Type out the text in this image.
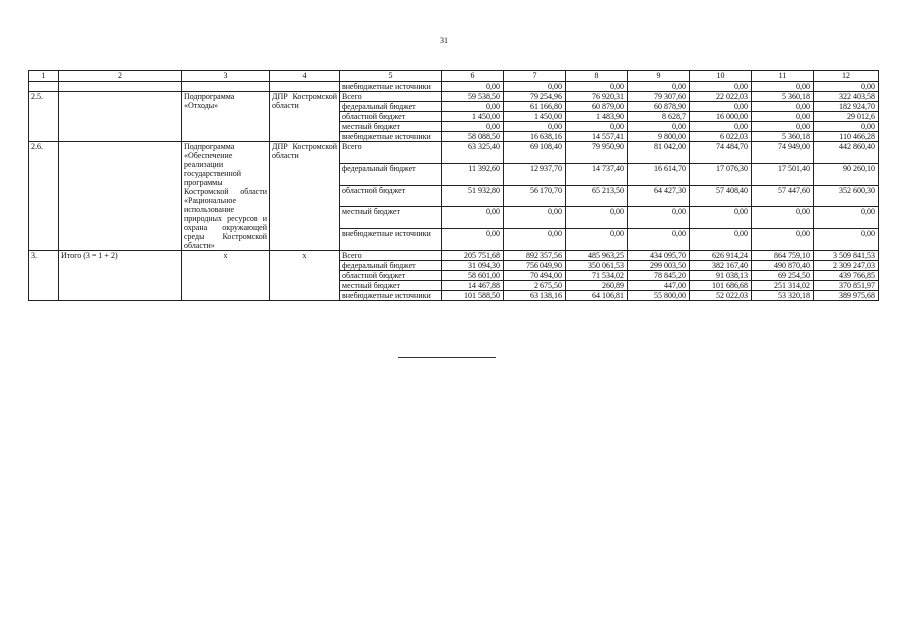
31
1	2	3	4	5	6	7	8	9	10	11	12
				внебюджетные источники	0,00	0,00	0,00	0,00	0,00	0,00	0,00
2.5.		Подпрограмма «Отходы»	ДПР Костромской области	Всего	59 538,50	79 254,96	76 920,31	79 307,60	22 022,03	5 360,18	322 403,58
				федеральный бюджет	0,00	61 166,80	60 879,00	60 878,90	0,00	0,00	182 924,70
				областной бюджет	1 450,00	1 450,00	1 483,90	8 628,7	16 000,00	0,00	29 012,6
				местный бюджет	0,00	0,00	0,00	0,00	0,00	0,00	0,00
				внебюджетные источники	58 088,50	16 638,16	14 557,41	9 800,00	6 022,03	5 360,18	110 466,28
2.6.		Подпрограмма «Обеспечение реализации государственной программы Костромской области «Рациональное использование природных ресурсов и охрана окружающей среды Костромской области»	ДПР Костромской области	Всего	63 325,40	69 108,40	79 950,90	81 042,00	74 484,70	74 949,00	442 860,40
				федеральный бюджет	11 392,60	12 937,70	14 737,40	16 614,70	17 076,30	17 501,40	90 260,10
				областной бюджет	51 932,80	56 170,70	65 213,50	64 427,30	57 408,40	57 447,60	352 600,30
				местный бюджет	0,00	0,00	0,00	0,00	0,00	0,00	0,00
				внебюджетные источники	0,00	0,00	0,00	0,00	0,00	0,00	0,00
3.	Итого (3 = 1 + 2)	х	х	Всего	205 751,68	892 357,56	485 963,25	434 095,70	626 914,24	864 759,10	3 509 841,53
				федеральный бюджет	31 094,30	756 049,90	350 061,53	299 003,50	382 167,40	490 870,40	2 309 247,03
				областной бюджет	58 601,00	70 494,00	71 534,02	78 845,20	91 038,13	69 254,50	439 766,85
				местный бюджет	14 467,88	2 675,50	260,89	447,00	101 686,68	251 314,02	370 851,97
				внебюджетные источники	101 588,50	63 138,16	64 106,81	55 800,00	52 022,03	53 320,18	389 975,68
